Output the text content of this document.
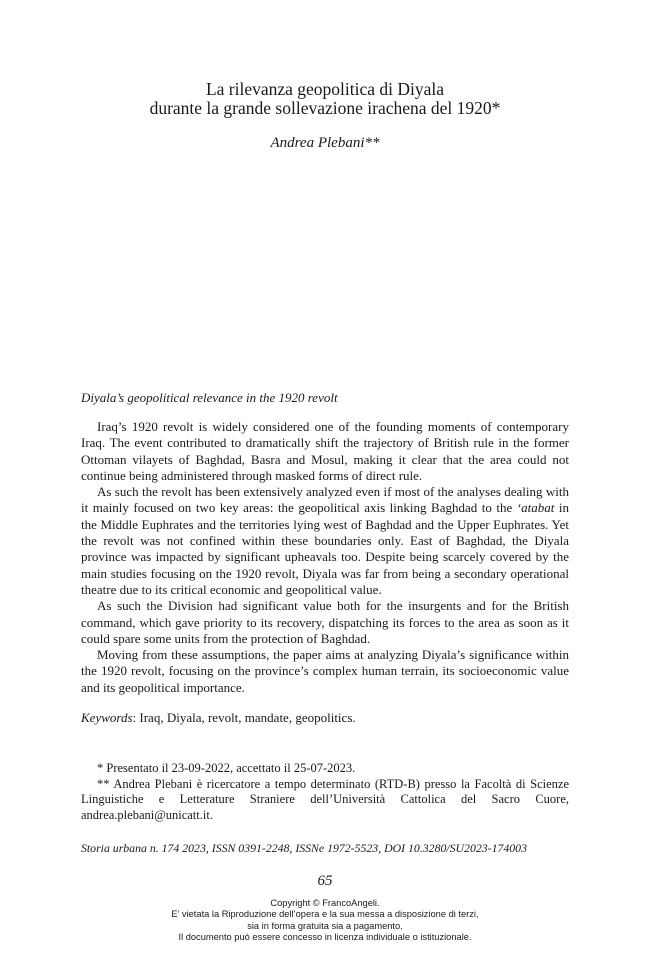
La rilevanza geopolitica di Diyala
durante la grande sollevazione irachena del 1920*
Andrea Plebani**
Diyala’s geopolitical relevance in the 1920 revolt

Iraq’s 1920 revolt is widely considered one of the founding moments of contemporary Iraq. The event contributed to dramatically shift the trajectory of British rule in the former Ottoman vilayets of Baghdad, Basra and Mosul, making it clear that the area could not continue being administered through masked forms of direct rule.

As such the revolt has been extensively analyzed even if most of the analyses dealing with it mainly focused on two key areas: the geopolitical axis linking Baghdad to the ‘atabat in the Middle Euphrates and the territories lying west of Baghdad and the Upper Euphrates. Yet the revolt was not confined within these boundaries only. East of Baghdad, the Diyala province was impacted by significant upheavals too. Despite being scarcely covered by the main studies focusing on the 1920 revolt, Diyala was far from being a secondary operational theatre due to its critical economic and geopolitical value.

As such the Division had significant value both for the insurgents and for the British command, which gave priority to its recovery, dispatching its forces to the area as soon as it could spare some units from the protection of Baghdad.

Moving from these assumptions, the paper aims at analyzing Diyala’s significance within the 1920 revolt, focusing on the province’s complex human terrain, its socioeconomic value and its geopolitical importance.

Keywords: Iraq, Diyala, revolt, mandate, geopolitics.

* Presentato il 23-09-2022, accettato il 25-07-2023.

** Andrea Plebani è ricercatore a tempo determinato (RTD-B) presso la Facoltà di Scienze Linguistiche e Letterature Straniere dell’Università Cattolica del Sacro Cuore, andrea.plebani@unicatt.it.

Storia urbana n. 174 2023, ISSN 0391-2248, ISSNe 1972-5523, DOI 10.3280/SU2023-174003
65
Copyright © FrancoAngeli.
E’ vietata la Riproduzione dell’opera e la sua messa a disposizione di terzi,
sia in forma gratuita sia a pagamento.
Il documento può essere concesso in licenza individuale o istituzionale.
